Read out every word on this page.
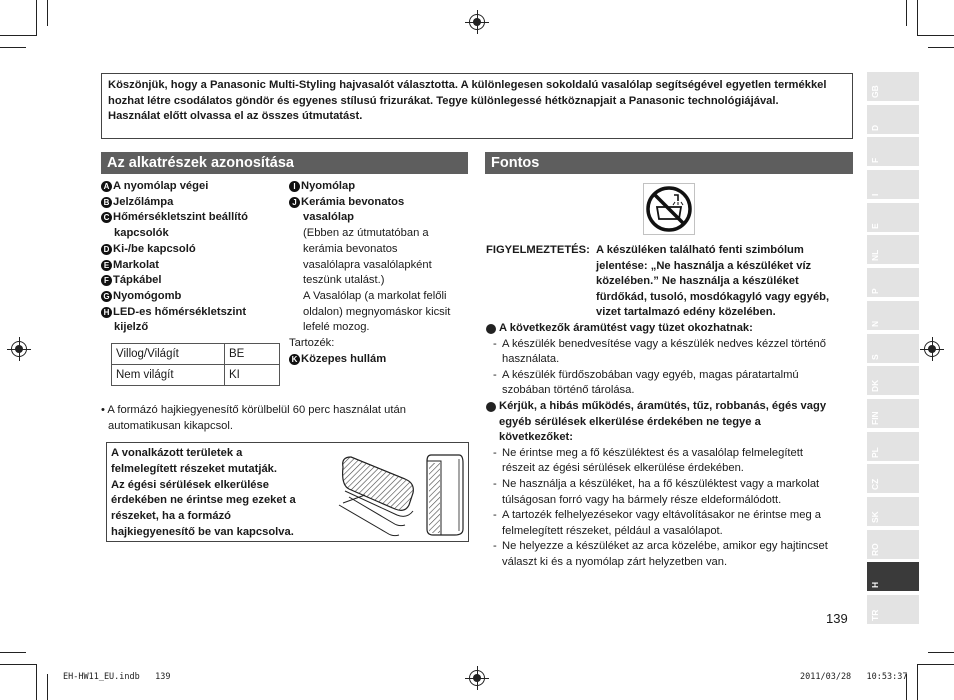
Köszönjük, hogy a Panasonic Multi-Styling hajvasalót választotta. A különlegesen sokoldalú vasalólap segítségével egyetlen termékkel hozhat létre csodálatos göndör és egyenes stílusú frizurákat. Tegye különlegessé hétköznapjait a Panasonic technológiájával.
Használat előtt olvassa el az összes útmutatást.
Az alkatrészek azonosítása
A A nyomólap végei
B Jelzőlámpa
C Hőmérsékletszint beállító
kapcsolók
D Ki-/be kapcsoló
E Markolat
F Tápkábel
G Nyomógomb
H LED-es hőmérsékletszint
kijelző
I Nyomólap
J Kerámia bevonatos
vasalólap
(Ebben az útmutatóban a
kerámia bevonatos
vasalólapra vasalólapként
teszünk utalást.)
A Vasalólap (a markolat felőli
oldalon) megnyomáskor kicsit
lefelé mozog.
Tartozék:
K Közepes hullám
Villog/Világít	BE
Nem világít	KI
• A formázó hajkiegyenesítő körülbelül 60 perc használat után
automatikusan kikapcsol.
A vonalkázott területek a
felmelegített részeket mutatják.
Az égési sérülések elkerülése
érdekében ne érintse meg ezeket a
részeket, ha a formázó
hajkiegyenesítő be van kapcsolva.
Fontos
FIGYELMEZTETÉS: A készüléken található fenti szimbólum
jelentése: „Ne használja a készüléket víz
közelében.” Ne használja a készüléket
fürdőkád, tusoló, mosdókagyló vagy egyéb,
vizet tartalmazó edény közelében.
A következők áramütést vagy tüzet okozhatnak:
- A készülék benedvesítése vagy a készülék nedves kézzel történő
használata.
- A készülék fürdőszobában vagy egyéb, magas páratartalmú
szobában történő tárolása.
Kérjük, a hibás működés, áramütés, tűz, robbanás, égés vagy
egyéb sérülések elkerülése érdekében ne tegye a
következőket:
- Ne érintse meg a fő készüléktest és a vasalólap felmelegített
részeit az égési sérülések elkerülése érdekében.
- Ne használja a készüléket, ha a fő készüléktest vagy a markolat
túlságosan forró vagy ha bármely része eldeformálódott.
- A tartozék felhelyezésekor vagy eltávolításakor ne érintse meg a
felmelegített részeket, például a vasalólapot.
- Ne helyezze a készüléket az arca közelébe, amikor egy hajtincset
választ ki és a nyomólap zárt helyzetben van.
139
GB
D
F
I
E
NL
P
N
S
DK
FIN
PL
CZ
SK
RO
H
TR
EH-HW11_EU.indb   139	2011/03/28   10:53:37
